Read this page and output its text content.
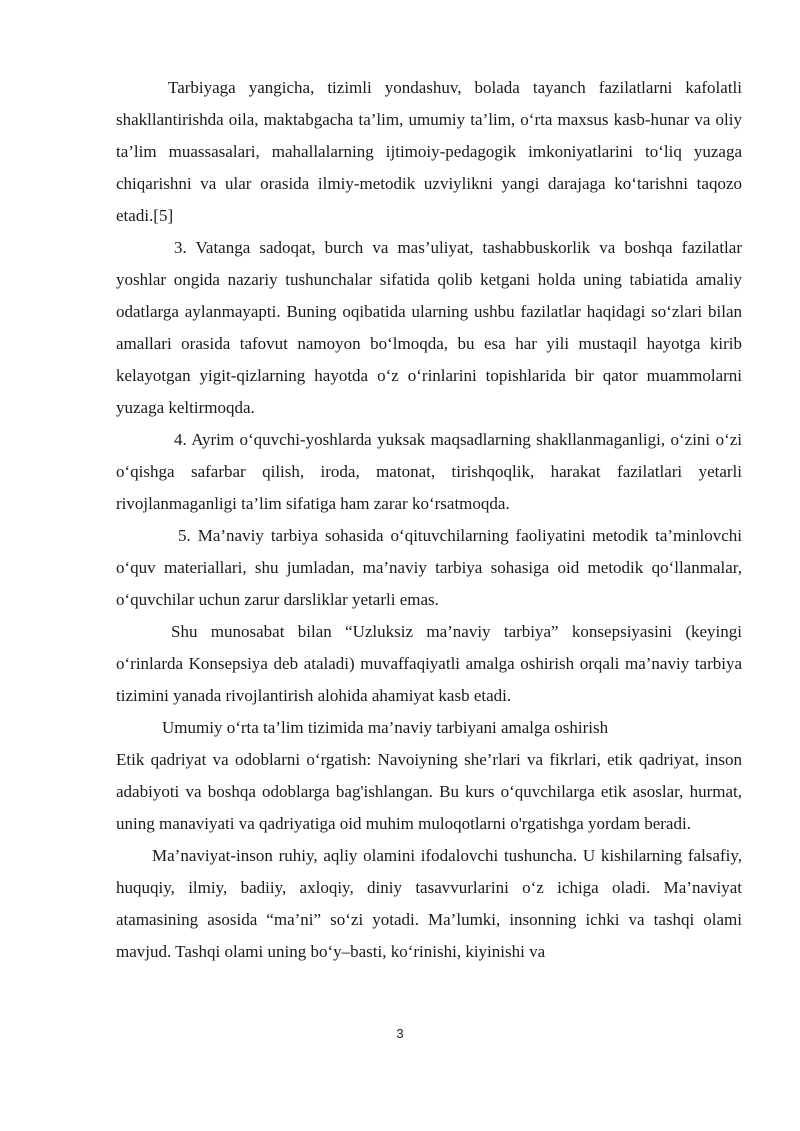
Tarbiyaga yangicha, tizimli yondashuv, bolada tayanch fazilatlarni kafolatli shakllantirishda oila, maktabgacha ta’lim, umumiy ta’lim, o‘rta maxsus kasb-hunar va oliy ta’lim muassasalari, mahallalarning ijtimoiy-pedagogik imkoniyatlarini to‘liq yuzaga chiqarishni va ular orasida ilmiy-metodik uzviylikni yangi darajaga ko‘tarishni taqozo etadi.[5]

3. Vatanga sadoqat, burch va mas’uliyat, tashabbuskorlik va boshqa fazilatlar yoshlar ongida nazariy tushunchalar sifatida qolib ketgani holda uning tabiatida amaliy odatlarga aylanmayapti. Buning oqibatida ularning ushbu fazilatlar haqidagi so‘zlari bilan amallari orasida tafovut namoyon bo‘lmoqda, bu esa har yili mustaqil hayotga kirib kelayotgan yigit-qizlarning hayotda o‘z o‘rinlarini topishlarida bir qator muammolarni yuzaga keltirmoqda.

4. Ayrim o‘quvchi-yoshlarda yuksak maqsadlarning shakllanmaganligi, o‘zini o‘zi o‘qishga safarbar qilish, iroda, matonat, tirishqoqlik, harakat fazilatlari yetarli rivojlanmaganligi ta’lim sifatiga ham zarar ko‘rsatmoqda.

5. Ma’naviy tarbiya sohasida o‘qituvchilarning faoliyatini metodik ta’minlovchi o‘quv materiallari, shu jumladan, ma’naviy tarbiya sohasiga oid metodik qo‘llanmalar, o‘quvchilar uchun zarur darsliklar yetarli emas.

Shu munosabat bilan “Uzluksiz ma’naviy tarbiya” konsepsiyasini (keyingi o‘rinlarda Konsepsiya deb ataladi) muvaffaqiyatli amalga oshirish orqali ma’naviy tarbiya tizimini yanada rivojlantirish alohida ahamiyat kasb etadi.

Umumiy o‘rta ta’lim tizimida ma’naviy tarbiyani amalga oshirish

Etik qadriyat va odoblarni o‘rgatish: Navoiyning she’rlari va fikrlari, etik qadriyat, inson adabiyoti va boshqa odoblarga bag'ishlangan. Bu kurs o‘quvchilarga etik asoslar, hurmat, uning manaviyati va qadriyatiga oid muhim muloqotlarni o'rgatishga yordam beradi.

Ma’naviyat-inson ruhiy, aqliy olamini ifodalovchi tushuncha. U kishilarning falsafiy, huquqiy, ilmiy, badiiy, axloqiy, diniy tasavvurlarini o‘z ichiga oladi. Ma’naviyat atamasining asosida “ma’ni” so‘zi yotadi. Ma’lumki, insonning ichki va tashqi olami mavjud. Tashqi olami uning bo‘y–basti, ko‘rinishi, kiyinishi va

3
